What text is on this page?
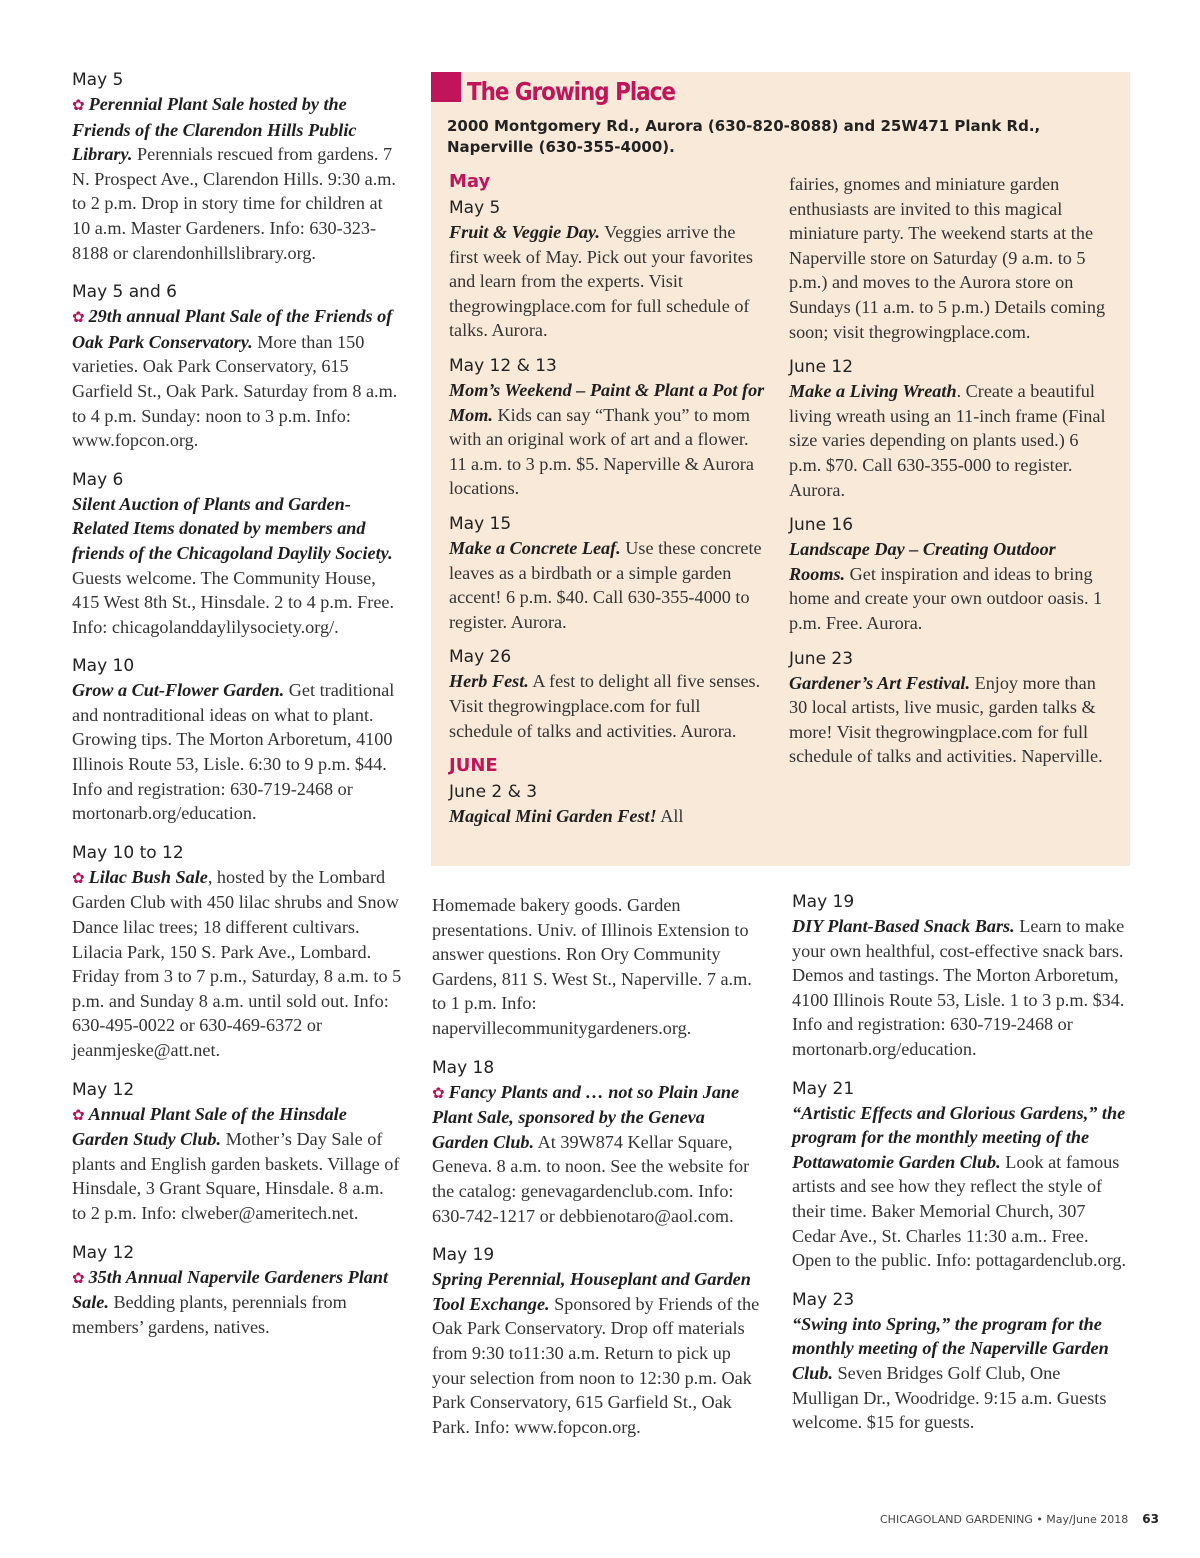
May 5
✿ Perennial Plant Sale hosted by the Friends of the Clarendon Hills Public Library. Perennials rescued from gardens. 7 N. Prospect Ave., Clarendon Hills. 9:30 a.m. to 2 p.m. Drop in story time for children at 10 a.m. Master Gardeners. Info: 630-323-8188 or clarendonhillslibrary.org.
May 5 and 6
✿ 29th annual Plant Sale of the Friends of Oak Park Conservatory. More than 150 varieties. Oak Park Conservatory, 615 Garfield St., Oak Park. Saturday from 8 a.m. to 4 p.m. Sunday: noon to 3 p.m. Info: www.fopcon.org.
May 6
Silent Auction of Plants and Garden-Related Items donated by members and friends of the Chicagoland Daylily Society. Guests welcome. The Community House, 415 West 8th St., Hinsdale. 2 to 4 p.m. Free. Info: chicagolanddaylilysociety.org/.
May 10
Grow a Cut-Flower Garden. Get traditional and nontraditional ideas on what to plant. Growing tips. The Morton Arboretum, 4100 Illinois Route 53, Lisle. 6:30 to 9 p.m. $44. Info and registration: 630-719-2468 or mortonarb.org/education.
May 10 to 12
✿ Lilac Bush Sale, hosted by the Lombard Garden Club with 450 lilac shrubs and Snow Dance lilac trees; 18 different cultivars. Lilacia Park, 150 S. Park Ave., Lombard. Friday from 3 to 7 p.m., Saturday, 8 a.m. to 5 p.m. and Sunday 8 a.m. until sold out. Info: 630-495-0022 or 630-469-6372 or jeanmjeske@att.net.
May 12
✿ Annual Plant Sale of the Hinsdale Garden Study Club. Mother’s Day Sale of plants and English garden baskets. Village of Hinsdale, 3 Grant Square, Hinsdale. 8 a.m. to 2 p.m. Info: clweber@ameritech.net.
May 12
✿ 35th Annual Napervile Gardeners Plant Sale. Bedding plants, perennials from members’ gardens, natives.
The Growing Place
2000 Montgomery Rd., Aurora (630-820-8088) and 25W471 Plank Rd., Naperville (630-355-4000).
May
May 5
Fruit & Veggie Day. Veggies arrive the first week of May. Pick out your favorites and learn from the experts. Visit thegrowingplace.com for full schedule of talks. Aurora.
May 12 & 13
Mom’s Weekend – Paint & Plant a Pot for Mom. Kids can say “Thank you” to mom with an original work of art and a flower. 11 a.m. to 3 p.m. $5. Naperville & Aurora locations.
May 15
Make a Concrete Leaf. Use these concrete leaves as a birdbath or a simple garden accent! 6 p.m. $40. Call 630-355-4000 to register. Aurora.
May 26
Herb Fest. A fest to delight all five senses. Visit thegrowingplace.com for full schedule of talks and activities. Aurora.
JUNE
June 2 & 3
Magical Mini Garden Fest! All
fairies, gnomes and miniature garden enthusiasts are invited to this magical miniature party. The weekend starts at the Naperville store on Saturday (9 a.m. to 5 p.m.) and moves to the Aurora store on Sundays (11 a.m. to 5 p.m.) Details coming soon; visit thegrowingplace.com.
June 12
Make a Living Wreath. Create a beautiful living wreath using an 11-inch frame (Final size varies depending on plants used.) 6 p.m. $70. Call 630-355-000 to register. Aurora.
June 16
Landscape Day – Creating Outdoor Rooms. Get inspiration and ideas to bring home and create your own outdoor oasis. 1 p.m. Free. Aurora.
June 23
Gardener’s Art Festival. Enjoy more than 30 local artists, live music, garden talks & more! Visit thegrowingplace.com for full schedule of talks and activities. Naperville.
Homemade bakery goods. Garden presentations. Univ. of Illinois Extension to answer questions. Ron Ory Community Gardens, 811 S. West St., Naperville. 7 a.m. to 1 p.m. Info: napervillecommunitygardeners.org.
May 18
✿ Fancy Plants and … not so Plain Jane Plant Sale, sponsored by the Geneva Garden Club. At 39W874 Kellar Square, Geneva. 8 a.m. to noon. See the website for the catalog: genevagardenclub.com. Info: 630-742-1217 or debbienotaro@aol.com.
May 19
Spring Perennial, Houseplant and Garden Tool Exchange. Sponsored by Friends of the Oak Park Conservatory. Drop off materials from 9:30 to11:30 a.m. Return to pick up your selection from noon to 12:30 p.m. Oak Park Conservatory, 615 Garfield St., Oak Park. Info: www.fopcon.org.
May 19
DIY Plant-Based Snack Bars. Learn to make your own healthful, cost-effective snack bars. Demos and tastings. The Morton Arboretum, 4100 Illinois Route 53, Lisle. 1 to 3 p.m. $34. Info and registration: 630-719-2468 or mortonarb.org/education.
May 21
“Artistic Effects and Glorious Gardens,” the program for the monthly meeting of the Pottawatomie Garden Club. Look at famous artists and see how they reflect the style of their time. Baker Memorial Church, 307 Cedar Ave., St. Charles 11:30 a.m.. Free. Open to the public. Info: pottagardenclub.org.
May 23
“Swing into Spring,” the program for the monthly meeting of the Naperville Garden Club. Seven Bridges Golf Club, One Mulligan Dr., Woodridge. 9:15 a.m. Guests welcome. $15 for guests.
CHICAGOLAND GARDENING • May/June 2018 63
